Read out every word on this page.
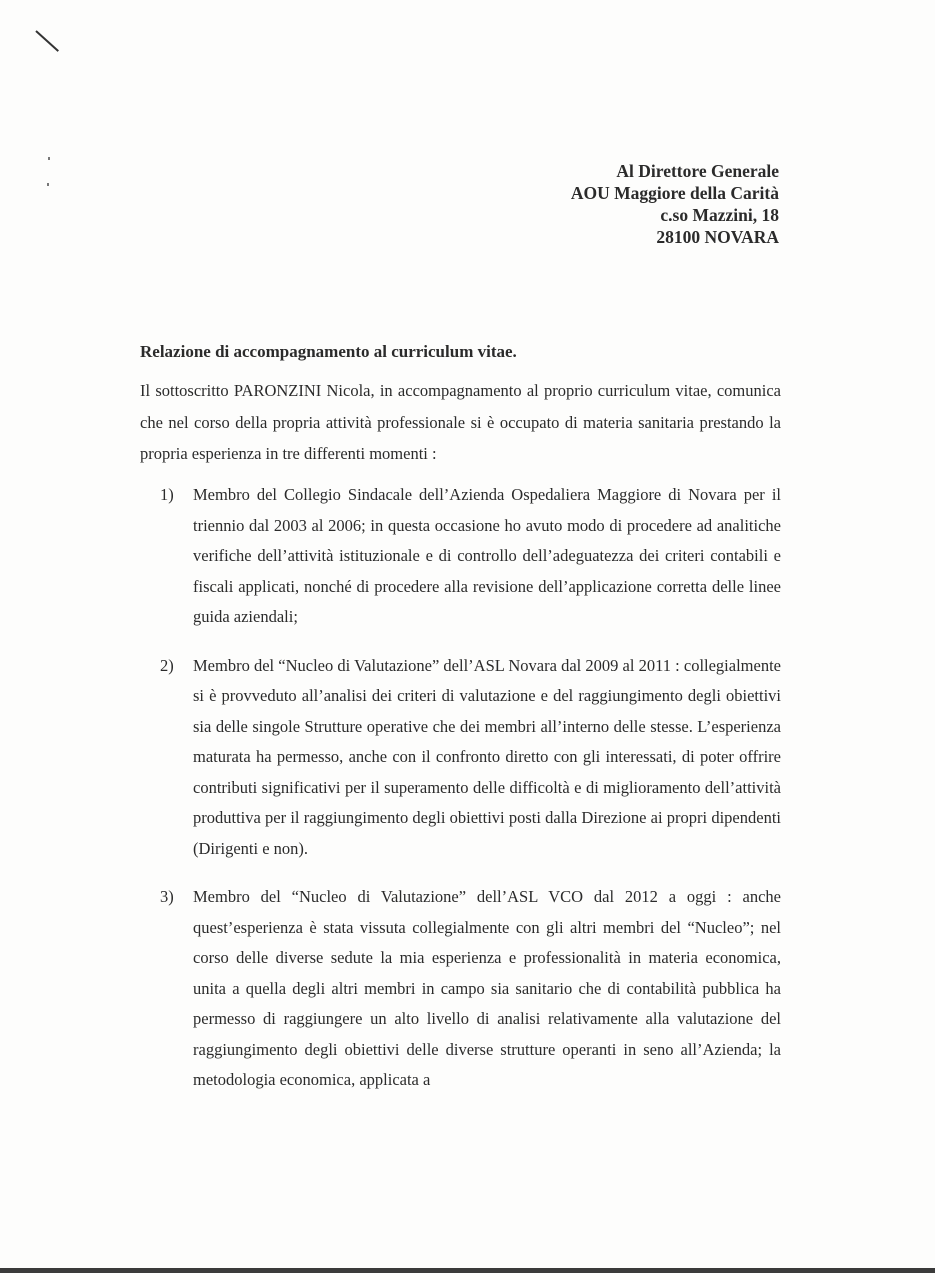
Al Direttore Generale
AOU Maggiore della Carità
c.so Mazzini, 18
28100 NOVARA
Relazione di accompagnamento al curriculum vitae.
Il sottoscritto PARONZINI Nicola, in accompagnamento al proprio curriculum vitae, comunica che nel corso della propria attività professionale si è occupato di materia sanitaria prestando la propria esperienza in tre differenti momenti :
1) Membro del Collegio Sindacale dell’Azienda Ospedaliera Maggiore di Novara per il triennio dal 2003 al 2006; in questa occasione ho avuto modo di procedere ad analitiche verifiche dell’attività istituzionale e di controllo dell’adeguatezza dei criteri contabili e fiscali applicati, nonché di procedere alla revisione dell’applicazione corretta delle linee guida aziendali;
2) Membro del “Nucleo di Valutazione” dell’ASL Novara dal 2009 al 2011 : collegialmente si è provveduto all’analisi dei criteri di valutazione e del raggiungimento degli obiettivi sia delle singole Strutture operative che dei membri all’interno delle stesse. L’esperienza maturata ha permesso, anche con il confronto diretto con gli interessati, di poter offrire contributi significativi per il superamento delle difficoltà e di miglioramento dell’attività produttiva per il raggiungimento degli obiettivi posti dalla Direzione ai propri dipendenti (Dirigenti e non).
3) Membro del “Nucleo di Valutazione” dell’ASL VCO dal 2012 a oggi : anche quest’esperienza è stata vissuta collegialmente con gli altri membri del “Nucleo”; nel corso delle diverse sedute la mia esperienza e professionalità in materia economica, unita a quella degli altri membri in campo sia sanitario che di contabilità pubblica ha permesso di raggiungere un alto livello di analisi relativamente alla valutazione del raggiungimento degli obiettivi delle diverse strutture operanti in seno all’Azienda; la metodologia economica, applicata a
